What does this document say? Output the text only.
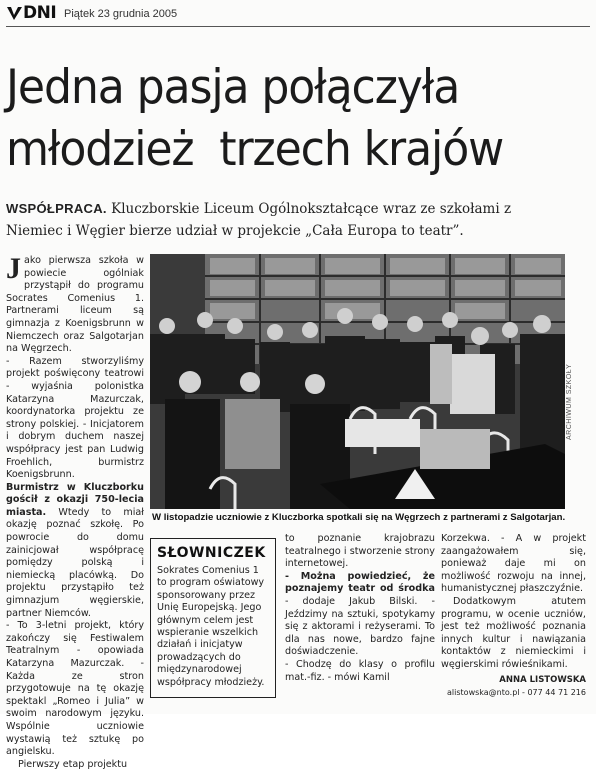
DNI Piątek 23 grudnia 2005
Jedna pasja połączyła
młodzież  trzech krajów
WSPÓŁPRACA. Kluczborskie Liceum Ogólnokształcące wraz ze szkołami z Niemiec i Węgier bierze udział w projekcie „Cała Europa to teatr”.

Jako pierwsza szkoła w powiecie ogólniak przystąpił do programu Socrates Comenius 1. Partnerami liceum są gimnazja z Koenigsbrunn w Niemczech oraz Salgotarjan na Węgrzech.

- Razem stworzyliśmy projekt poświęcony teatrowi - wyjaśnia polonistka Katarzyna Mazurczak, koordynatorka projektu ze strony polskiej. - Inicjatorem i dobrym duchem naszej współpracy jest pan Ludwig Froehlich, burmistrz Koenigsbrunn.

Burmistrz w Kluczborku gościł z okazji 750-lecia miasta. Wtedy to miał okazję poznać szkołę. Po powrocie do domu zainicjował współpracę pomiędzy polską i niemiecką placówką. Do projektu przystąpiło też gimnazjum węgierskie, partner Niemców.

- To 3-letni projekt, który zakończy się Festiwalem Teatralnym - opowiada Katarzyna Mazurczak. - Każda ze stron przygotowuje na tę okazję spektakl „Romeo i Julia” w swoim narodowym języku. Wspólnie uczniowie wystawią też sztukę po angielsku.

Pierwszy etap projektu

ARCHIWUM SZKOŁY
W listopadzie uczniowie z Kluczborka spotkali się na Węgrzech z partnerami z Salgotarjan.
SŁOWNICZEK
Sokrates Comenius 1 to program oświatowy sponsorowany przez Unię Europejską. Jego głównym celem jest wspieranie wszelkich działań i inicjatyw prowadzących do międzynarodowej współpracy młodzieży.

to poznanie krajobrazu teatralnego i stworzenie strony internetowej.

- Można powiedzieć, że poznajemy teatr od środka - dodaje Jakub Bilski. - Jeździmy na sztuki, spotykamy się z aktorami i reżyserami. To dla nas nowe, bardzo fajne doświadczenie.

- Chodzę do klasy o profilu mat.-fiz. - mówi Kamil

Korzekwa. - A w projekt zaangażowałem się, ponieważ daje mi on możliwość rozwoju na innej, humanistycznej płaszczyźnie.

Dodatkowym atutem programu, w ocenie uczniów, jest też możliwość poznania innych kultur i nawiązania kontaktów z niemieckimi i węgierskimi rówieśnikami.

ANNA LISTOWSKA
alistowska@nto.pl - 077 44 71 216
